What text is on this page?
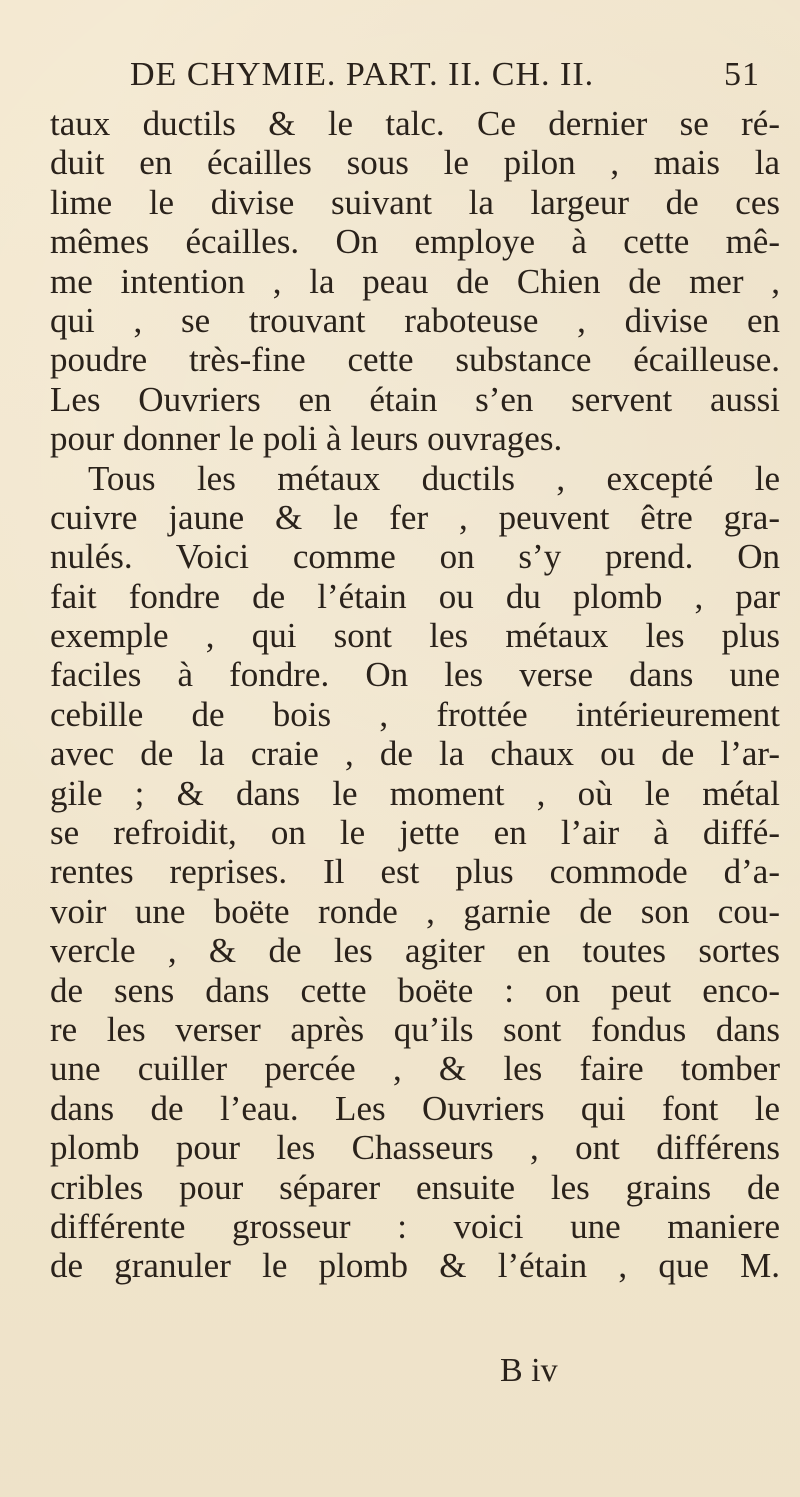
DE CHYMIE. PART. II. CH. II.	51
taux ductils & le talc. Ce dernier se ré-
duit en écailles sous le pilon , mais la
lime le divise suivant la largeur de ces
mêmes écailles. On employe à cette mê-
me intention , la peau de Chien de mer ,
qui , se trouvant raboteuse , divise en
poudre très-fine cette substance écailleuse.
Les Ouvriers en étain s’en servent aussi
pour donner le poli à leurs ouvrages.
Tous les métaux ductils , excepté le
cuivre jaune & le fer , peuvent être gra-
nulés. Voici comme on s’y prend. On
fait fondre de l’étain ou du plomb , par
exemple , qui sont les métaux les plus
faciles à fondre. On les verse dans une
cebille de bois , frottée intérieurement
avec de la craie , de la chaux ou de l’ar-
gile ; & dans le moment , où le métal
se refroidit, on le jette en l’air à diffé-
rentes reprises. Il est plus commode d’a-
voir une boëte ronde , garnie de son cou-
vercle , & de les agiter en toutes sortes
de sens dans cette boëte : on peut enco-
re les verser après qu’ils sont fondus dans
une cuiller percée , & les faire tomber
dans de l’eau. Les Ouvriers qui font le
plomb pour les Chasseurs , ont différens
cribles pour séparer ensuite les grains de
différente grosseur : voici une maniere
de granuler le plomb & l’étain , que M.
B iv
